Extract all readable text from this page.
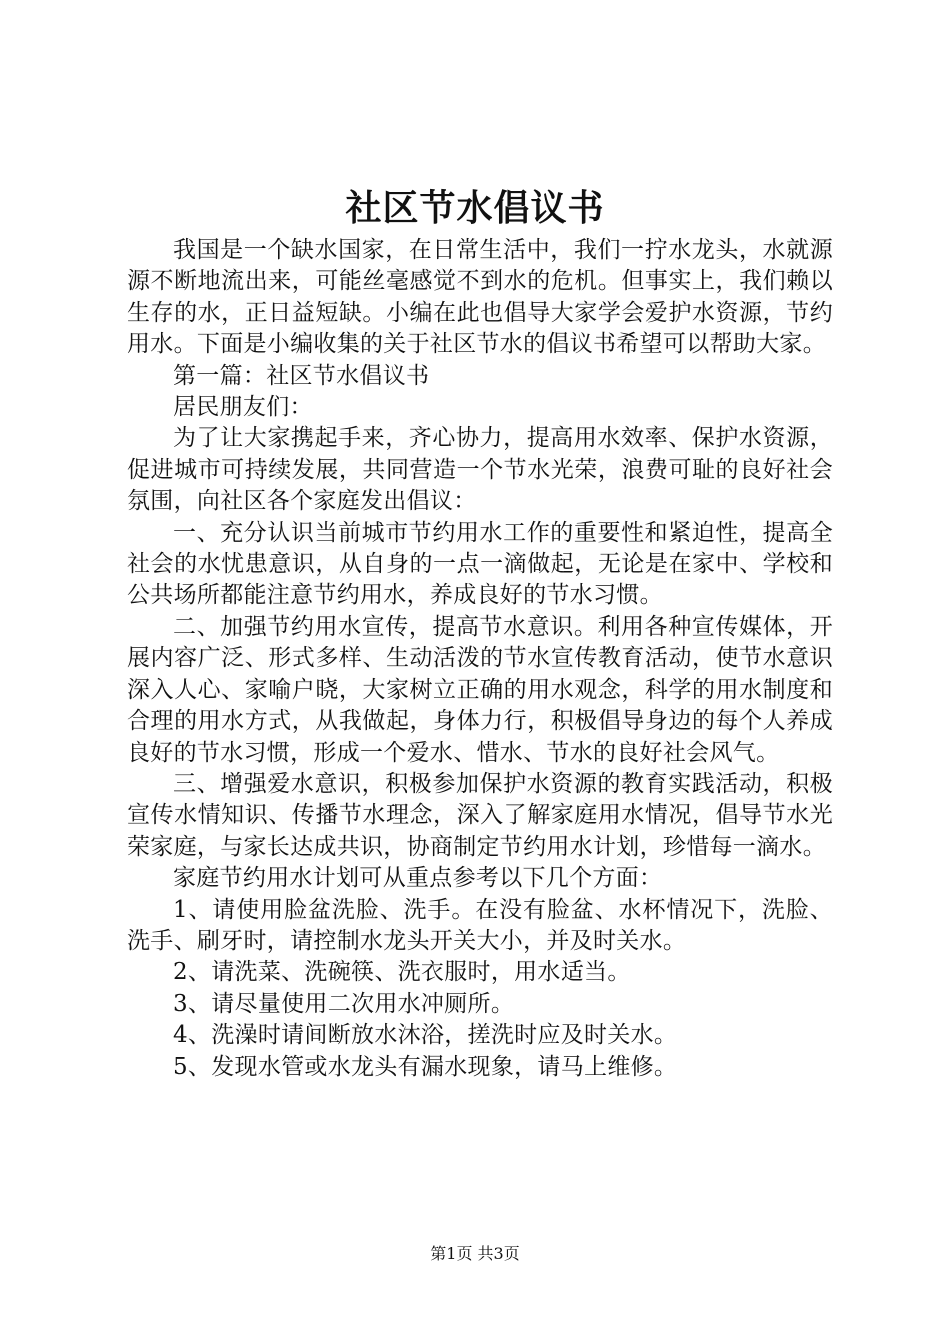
社区节水倡议书

我国是一个缺水国家，在日常生活中，我们一拧水龙头，水就源源不断地流出来，可能丝毫感觉不到水的危机。但事实上，我们赖以生存的水，正日益短缺。小编在此也倡导大家学会爱护水资源，节约用水。下面是小编收集的关于社区节水的倡议书希望可以帮助大家。

第一篇：社区节水倡议书

居民朋友们：

为了让大家携起手来，齐心协力，提高用水效率、保护水资源，促进城市可持续发展，共同营造一个节水光荣，浪费可耻的良好社会氛围，向社区各个家庭发出倡议：

一、充分认识当前城市节约用水工作的重要性和紧迫性，提高全社会的水忧患意识，从自身的一点一滴做起，无论是在家中、学校和公共场所都能注意节约用水，养成良好的节水习惯。

二、加强节约用水宣传，提高节水意识。利用各种宣传媒体，开展内容广泛、形式多样、生动活泼的节水宣传教育活动，使节水意识深入人心、家喻户晓，大家树立正确的用水观念，科学的用水制度和合理的用水方式，从我做起，身体力行，积极倡导身边的每个人养成良好的节水习惯，形成一个爱水、惜水、节水的良好社会风气。

三、增强爱水意识，积极参加保护水资源的教育实践活动，积极宣传水情知识、传播节水理念，深入了解家庭用水情况，倡导节水光荣家庭，与家长达成共识，协商制定节约用水计划，珍惜每一滴水。

家庭节约用水计划可从重点参考以下几个方面：

1、请使用脸盆洗脸、洗手。在没有脸盆、水杯情况下，洗脸、洗手、刷牙时，请控制水龙头开关大小，并及时关水。

2、请洗菜、洗碗筷、洗衣服时，用水适当。

3、请尽量使用二次用水冲厕所。

4、洗澡时请间断放水沐浴，搓洗时应及时关水。

5、发现水管或水龙头有漏水现象，请马上维修。

第1页 共3页
